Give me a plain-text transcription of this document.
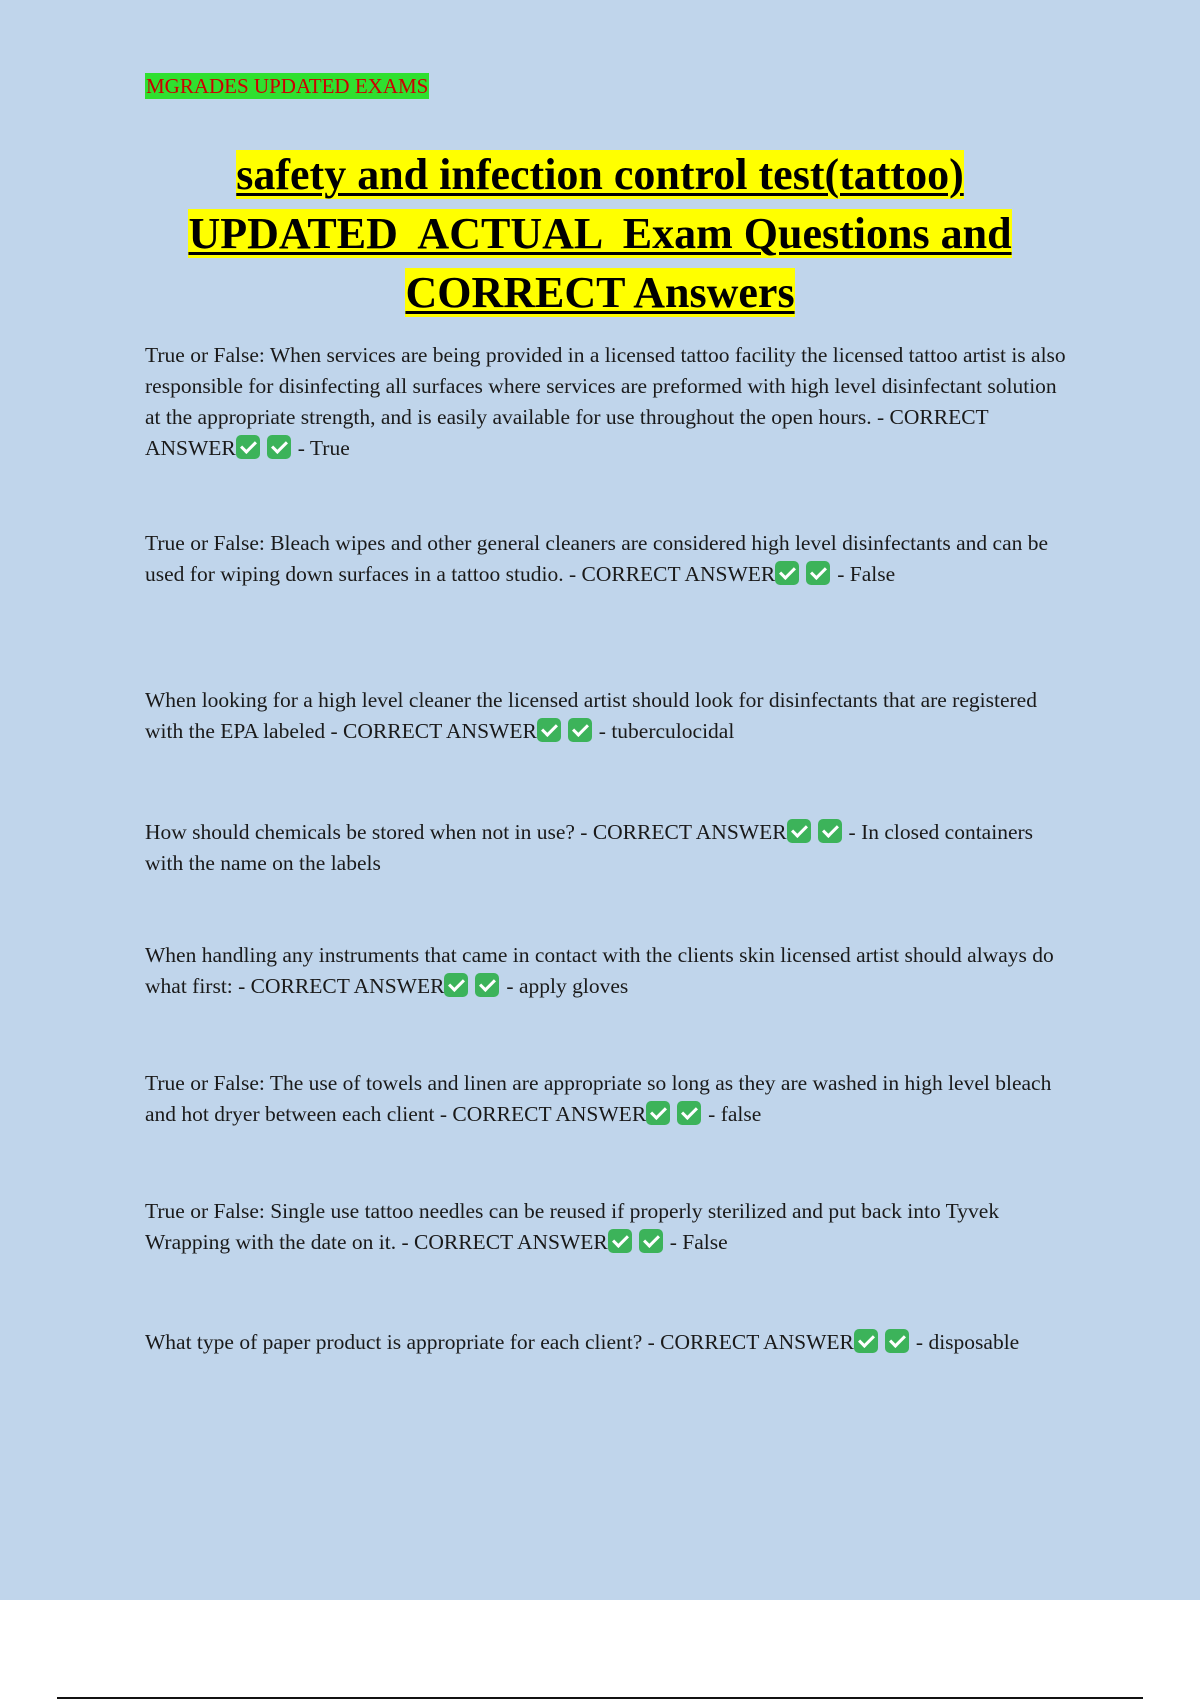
MGRADES UPDATED EXAMS
safety and infection control test(tattoo)
UPDATED  ACTUAL  Exam Questions and
CORRECT Answers
True or False: When services are being provided in a licensed tattoo facility the licensed tattoo artist is also responsible for disinfecting all surfaces where services are preformed with high level disinfectant solution at the appropriate strength, and is easily available for use throughout the open hours. - CORRECT ANSWER	- True
True or False: Bleach wipes and other general cleaners are considered high level disinfectants and can be used for wiping down surfaces in a tattoo studio. - CORRECT ANSWER	- False
When looking for a high level cleaner the licensed artist should look for disinfectants that are registered with the EPA labeled - CORRECT ANSWER	- tuberculocidal
How should chemicals be stored when not in use? - CORRECT ANSWER	- In closed containers with the name on the labels
When handling any instruments that came in contact with the clients skin licensed artist should always do what first: - CORRECT ANSWER	- apply gloves
True or False: The use of towels and linen are appropriate so long as they are washed in high level bleach and hot dryer between each client - CORRECT ANSWER	- false
True or False: Single use tattoo needles can be reused if properly sterilized and put back into Tyvek Wrapping with the date on it. - CORRECT ANSWER	- False
What type of paper product is appropriate for each client? - CORRECT ANSWER	- disposable
